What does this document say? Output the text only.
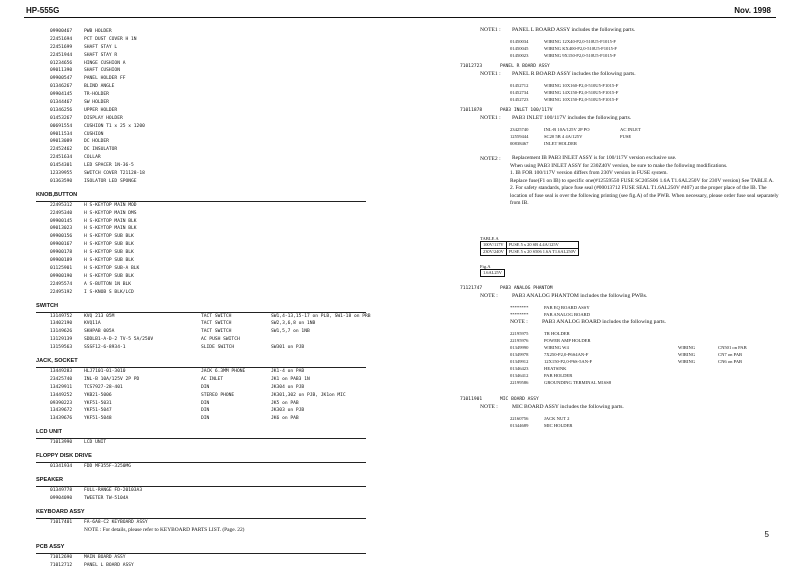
HP-555G	Nov. 1998
09900467	PWB HOLDER
22451694	PCT DUST COVER H 1N
22451699	SHAFT STAY L
22451944	SHAFT STAY R
01234656	HINGE CUSHION A
09011390	SHAFT CUSHION
09900547	PANEL HOLDER FF
01346267	BLIND ANGLE
09904145	TR-HOLDER
01344467	SW HOLDER
01346256	UPPER HOLDER
01453267	DISPLAY HOLDER
00691554	CUSHION T1 x 25 x 1200
09011534	CUSHION
09013089	DC HOLDER
22452462	DC INSULATOR
22451634	COLLAR
01454301	LED SPACER 1N-36-5
12339955	SWITCH COVER T21128-18
01363590	ISOLATOR LED SPONGE
KNOB,BUTTON
22495312	H S-KEYTOP MAIN MOD
22495340	H S-KEYTOP MAIN DMS
09900145	H S-KEYTOP MAIN BLK
09013023	H S-KEYTOP MAIN BLK
09900156	H S-KEYTOP SUB BLK
09900167	H S-KEYTOP SUB BLK
09900178	H S-KEYTOP SUB BLK
09900189	H S-KEYTOP SUB BLK
01125901	H S-KEYTOP SUB-A BLK
09900190	H S-KEYTOP SUB BLK
22495574	A S-BUTTON 1N BLK
22495192	I S-KNOB S BLK/LCD
SWITCH
13149752	KVQ 213 05M	TACT SWITCH	SW1,4-13,15-17 on PLB, SW1-18 on PRB
13402190	KVQ11A	TACT SWITCH	SW2,3,6,8 on 1NB
13149626	SKHPAB 005A	TACT SWITCH	SW1,5,7 on 1NB
13129139	SDDLB1-A-D-2 TV-5 5A/250V	AC PUSH SWITCH
13159563	SSSF12-6-8934-1	SLIDE SWITCH	SW301 on PJB
JACK, SOCKET
13449283	HLJ7101-01-3010	JACK 6.3MM PHONE	JK1-4 on PAB
23425740	INL-B 10A/125V 2P PD	AC INLET	JK1 on PAB3 1N
13429911	TCS7927-28-401	DIN	JK304 on PJB
13449252	YKB21-5006	STEREO PHONE	JK301,302 on PJB, JK1on MIC
09390223	YKF51-5031	DIN	JK5 on PAB
13439672	YKF51-5047	DIN	JK303 on PJB
13439676	YKF51-5048	DIN	JK6 on PAB
LCD UNIT
71013990	LCD UNIT
FLOPPY DISK DRIVE
01341934	FDD MF355F-3250MG
SPEAKER
01349778	FULL-RANGE FD-20103A3
09904090	TWEETER TW-5104A
KEYBOARD ASSY
71017401	FA-6A8-C2 KEYBOARD ASSY
NOTE : For details, please refer to KEYBOARD PARTS LIST. (Page. 22)
PCB ASSY
71012690	MAIN BOARD ASSY
71012712	PANEL L BOARD ASSY
NOTE1 : PANEL L BOARD ASSY includes the following parts.
01450034	WIRING 12X40-P2,0-510U5-F1015-F
01450045	WIRING KX400-P2,0-510U5-F1015-F
01450023	WIRING 9X150-P2,0-510U5-F1015-F
71012723	PANEL R BOARD ASSY
NOTE1 : PANEL R BOARD ASSY includes the following parts.
01452712	WIRING 10X160-P2,0-510U5-F1015-F
01452734	WIRING 14X150-P2,0-510U5-F1015-F
01452723	WIRING 10X150-P2,0-510U5-F1015-F
71011878	PAB3 INLET 100/117V
NOTE1 : PAB3 INLET 100/117V includes the following parts.
23425740	INL-B 10A/125V 2P PO	AC INLET
12559444	SC20 5B 4 4A/125V	FUSE
00838467	INLET HOLDER
NOTE2 :	Replacement IB PAB3 INLET ASSY is for 100/117V version exclusive use.
When using PAB3 INLET ASSY for 230Z40V version, be sure to make the following modifications.
1. IB FOR 100/117V version differs from 230V version in FUSE system.
Replace fuse(F1 on IB) to specific one(#12559550 FUSE SC205S06 1.6A T1.6AL250V for 230V version) See TABLE A.
2. For safety standards, place fuse seal (#00013712 FUSE SEAL T1.6AL250V #407) at the proper place of the IB. The location of fuse seal is over the following printing (see fig.A) of the PWB. When necessary, please order fuse seal separately from IB.
TABLE A
100V/117V	FUSE 5 x 20 SB 4.4A/125V
230V/240V	FUSE 5 x 20 S506 1.6A T1.6AL250V
Fig.A
1.6AL25V
71121747	PAB3 ANALOG PHANTOM
NOTE :	PAB3 ANALOG PHANTOM includes the following PWBs.
********	PAB EQ BOARD ASSY
********	PAB ANALOG BOARD
NOTE :	PAB3 ANALOG BOARD includes the following parts.
22195975	TR HOLDER
22195976	POWER AMP HOLDER
01349990	WIRING W4	WIRING	CN501 on PAB
01349978	7X250-P2,0-P6S4AN-F	WIRING	CN7 on PAB
01349912	12X150-P2,0-P6S-5AN-F	WIRING	CN6 on PAB
01346423	HEATSINK
01346412	PAB HOLDER
22199586	GROUNDING TERMINAL M16S8
71011901	MIC BOARD ASSY
NOTE :	MIC BOARD ASSY includes the following parts.
22160756	JACK NUT 2
01344689	MIC HOLDER
5
